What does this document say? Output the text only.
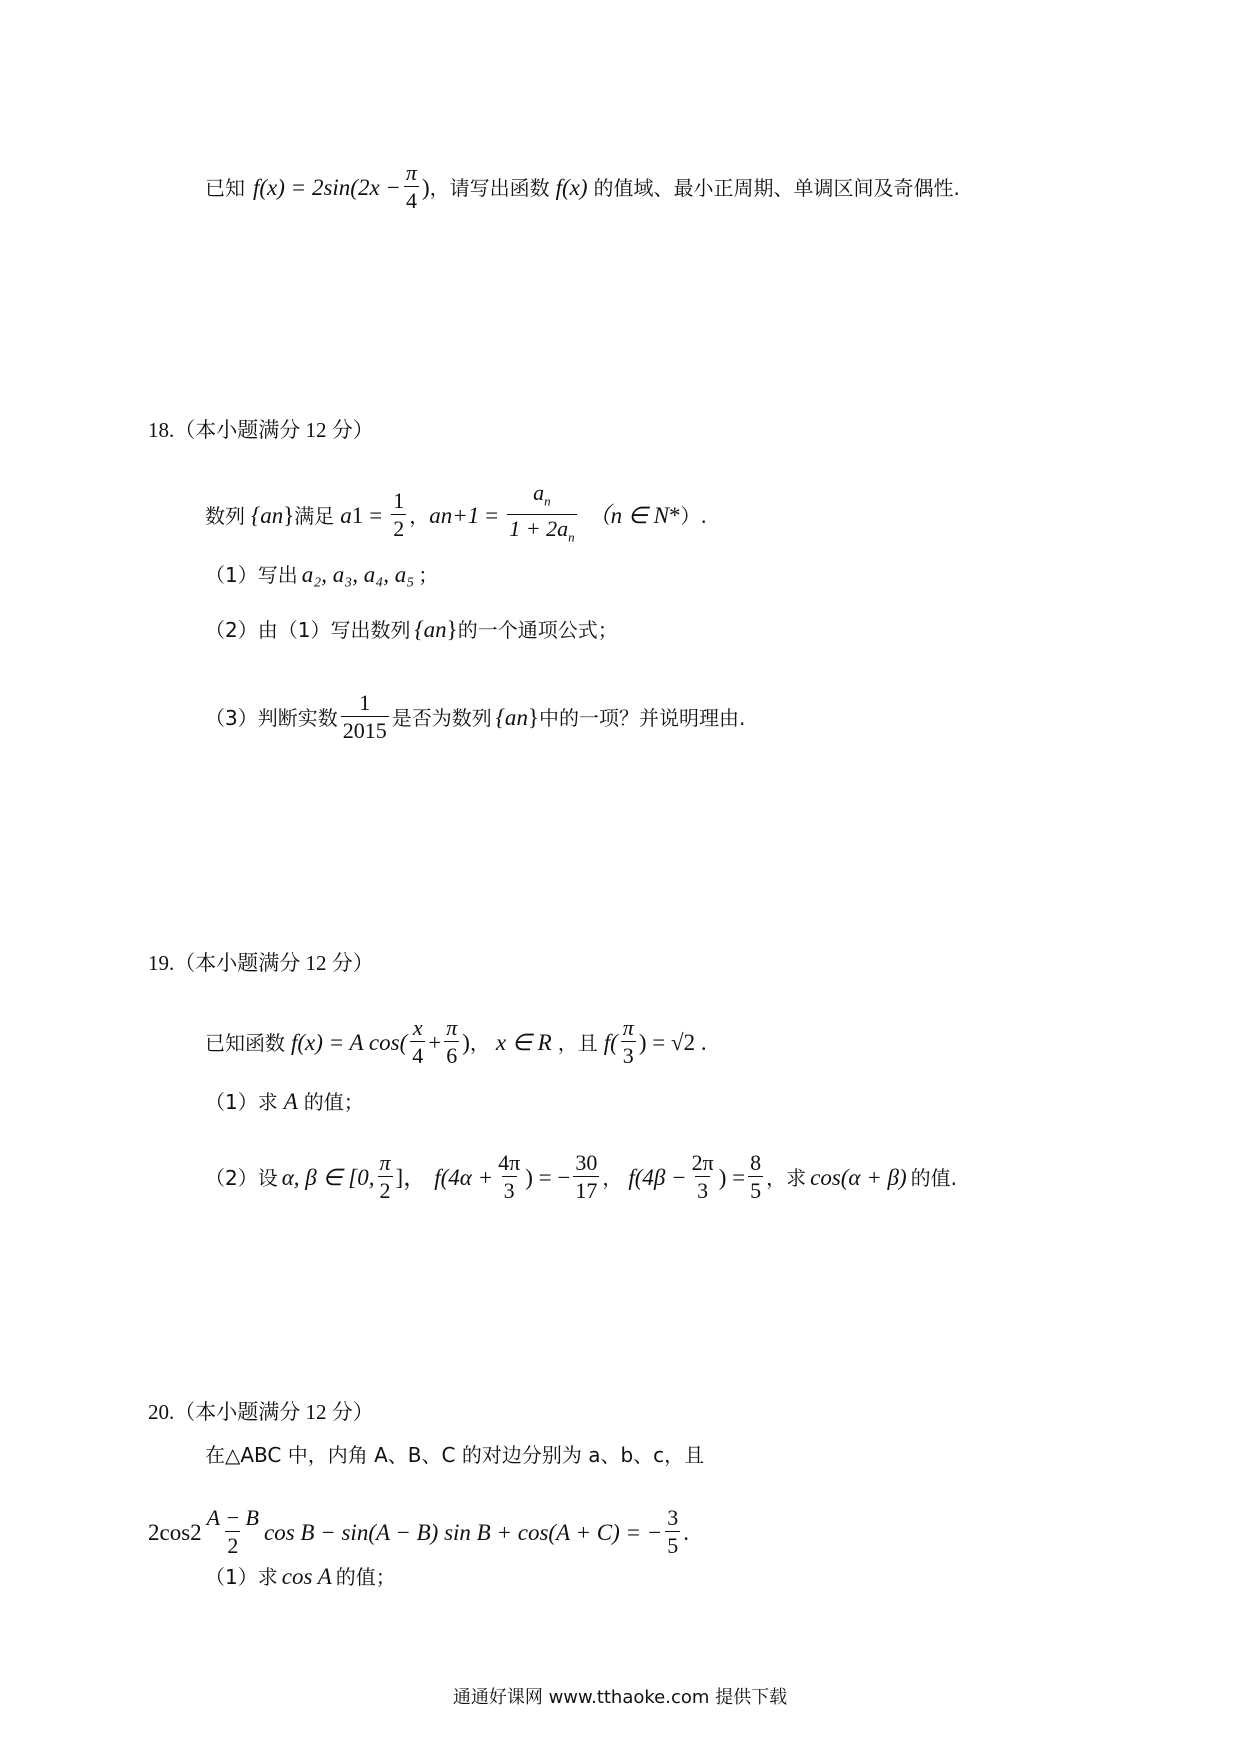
已知 $f(x) = 2\sin(2x - \frac{\pi}{4}$ ) ，请写出函数 f(x) 的值域、最小正周期、单调区间及奇偶性.
18.（本小题满分 12 分）
数列 {a n } 满足 a $1 = \frac{1}{2}$ ， a $n+1 = \frac{a_n}{1 + 2a_n} (n$ ∈ N * ）.
（1）写出 a₂, a₃, a₄, a₅ ；
（2）由（1）写出数列 {a n } 的一个通项公式；
（3）判断实数 $\frac{1}{2015}$ 是否为数列 {a n } 中的一项？并说明理由.
19.（本小题满分 12 分）
已知函数 f(x) = A $\cos( \frac{x}{4} + \frac{\pi}{6}$ ) ， x ∈ R ，且 $f( \frac{\pi}{3}$ ) = √2 .
（1）求 A 的值；
（2）设 α, β ∈ [0, $\frac{\pi}{2}$ ]， $f(4\alpha + \frac{4\pi}{3}$ ) = − $\frac{30}{17}$ ， $f(4\beta - \frac{2\pi}{3}$ ) = $\frac{8}{5}$ ，求 cos(α + β) 的值.
20.（本小题满分 12 分）
在△ABC 中，内角 A、B、C 的对边分别为 a、b、c，且
2cos $2 \frac{A - B}{2}$ cos B − sin(A − B) sin B + cos(A + C) = − $\frac{3}{5}$ .
（1）求 cos A 的值；
通通好课网 www.tthaoke.com 提供下载
